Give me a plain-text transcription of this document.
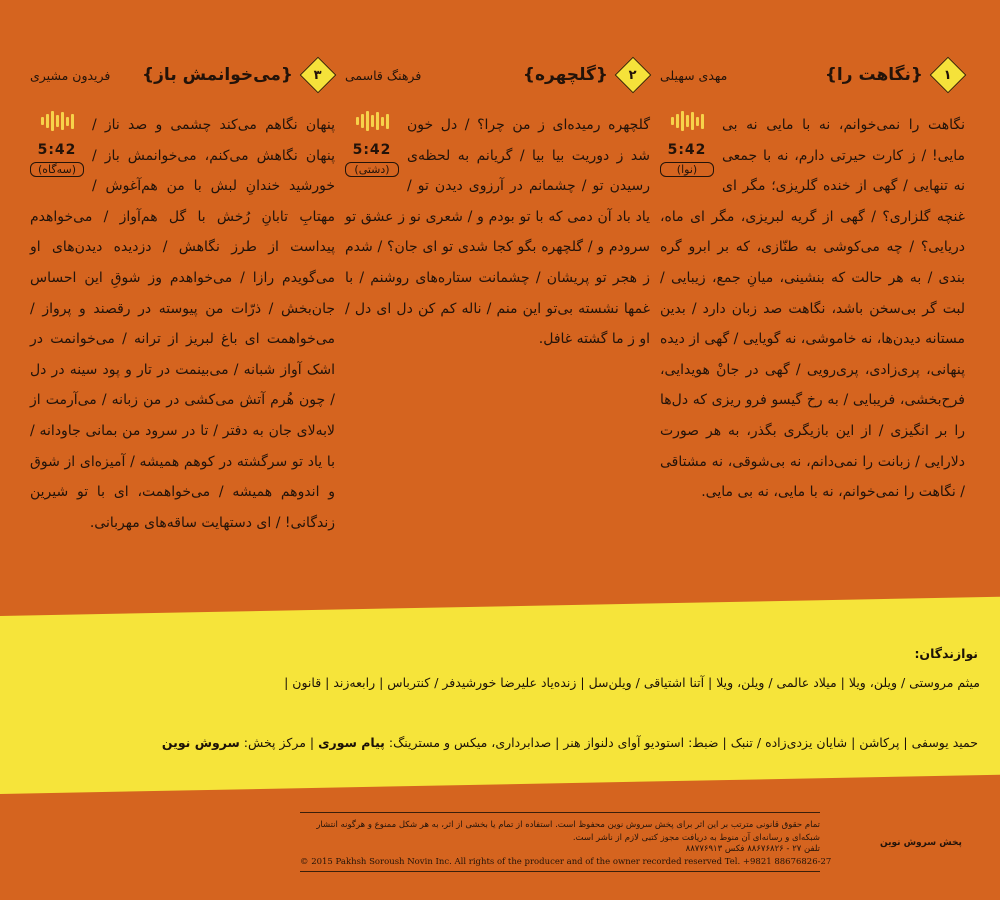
۱
{نگاهت را}
مهدی سهیلی
5:42
(نوا)
نگاهت را نمی‌خوانم، نه با مایی نه بی مایی! / ز کارت حیرتی دارم، نه با جمعی نه تنهایی / گهی از خنده گلریزی؛ مگر ای غنچه گلزاری؟ / گهی از گریه لبریزی، مگر ای ماه، دریایی؟ / چه می‌کوشی به طنّازی، که بر ابرو گره بندی / به هر حالت که بنشینی، میانِ جمع، زیبایی / لبت گر بی‌سخن باشد، نگاهت صد زبان دارد / بدین مستانه دیدن‌ها، نه خاموشی، نه گویایی / گهی از دیده پنهانی، پری‌زادی، پری‌رویی / گهی در جانْ هویدایی، فرح‌بخشی، فریبایی / به رخ گیسو فرو ریزی که دل‌ها را بر انگیزی / از این بازیگری بگذر، به هر صورت دلارایی / زبانت را نمی‌دانم، نه بی‌شوقی، نه مشتاقی / نگاهت را نمی‌خوانم، نه با مایی، نه بی مایی.
۲
{گلچهره}
فرهنگ قاسمی
5:42
(دشتی)
گلچهره رمیده‌ای ز من چرا؟ / دل خون شد ز دوریت بیا بیا / گریانم به لحظه‌ی رسیدن تو / چشمانم در آرزوی دیدن تو / یاد باد آن دمی که با تو بودم و / شعری نو ز عشق تو سرودم و / گلچهره بگو کجا شدی تو ای جان؟ / شدم ز هجر تو پریشان / چشمانت ستاره‌های روشنم / با غمها نشسته بی‌تو این منم / ناله کم کن دل ای دل / او ز ما گشته غافل.
۳
{می‌خوانمش باز}
فریدون مشیری
5:42
(سه‌گاه)
پنهان نگاهم می‌کند چشمی و صد ناز / پنهان نگاهش می‌کنم، می‌خوانمش باز / خورشید خندانِ لبش با من هم‌آغوش / مهتابِ تابانِ رُخش با گل هم‌آواز / می‌خواهدم پیداست از طرز نگاهش / دزدیده دیدن‌های او می‌گویدم رازا / می‌خواهدم وز شوقِ این احساس جان‌بخش / ذرّات من پیوسته در رقصند و پرواز / می‌خواهمت ای باغ لبریز از ترانه / می‌خوانمت در اشک آواز شبانه / می‌بینمت در تار و پود سینه در دل / چون هُرم آتش می‌کشی در من زبانه / می‌آرمت از لابه‌لای جان به دفتر / تا در سرود من بمانی جاودانه / با یاد تو سرگشته در کوهم همیشه / آمیزه‌ای از شوق و اندوهم همیشه / می‌خواهمت، ای با تو شیرین زندگانی! / ای دستهایت ساقه‌های مهربانی.
نوازندگان:
میثم مروستی / ویلن، ویلا | میلاد عالمی / ویلن، ویلا | آتنا اشتیاقی / ویلن‌سل | زنده‌یاد علیرضا خورشیدفر / کنترباس | رابعه‌زند | قانون |
حمید یوسفی | پرکاشن | شایان یزدی‌زاده / تنبک | ضبط: استودیو آوای دلنواز هنر | صدابرداری، میکس و مسترینگ: پیام سوری | مرکز پخش: سروش نوین
تمام حقوق قانونی مترتب بر این اثر برای پخش سروش نوین محفوظ است. استفاده از تمام یا بخشی از اثر، به هر شکل ممنوع و هرگونه انتشار شبکه‌ای و رسانه‌ای آن منوط به دریافت مجوز کتبی لازم از ناشر است.
تلفن ۲۷ - ۸۸۶۷۶۸۲۶ فکس ۸۸۷۷۶۹۱۳
© 2015 Pakhsh Soroush Novin Inc. All rights of the producer and of the owner recorded reserved Tel. +9821 88676826-27
پخش سروش نوین
